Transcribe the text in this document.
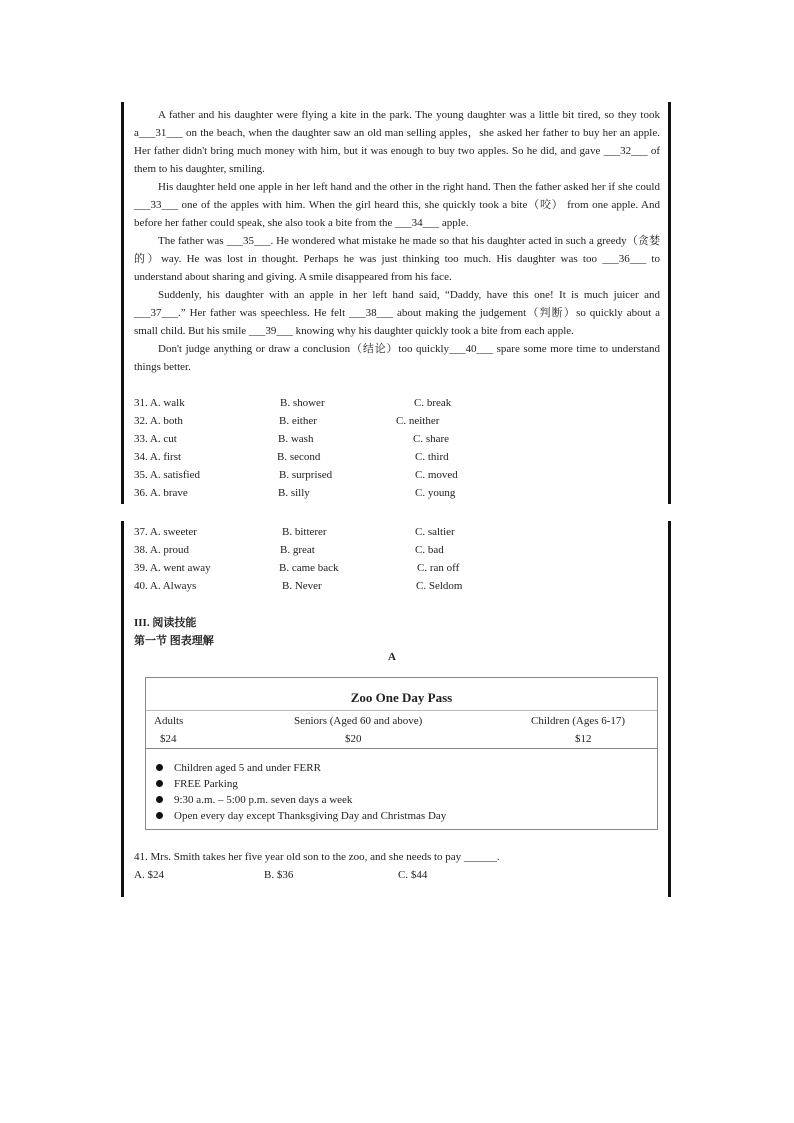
A father and his daughter were flying a kite in the park. The young daughter was a little bit tired, so they took a___31___ on the beach, when the daughter saw an old man selling apples，she asked her father to buy her an apple. Her father didn't bring much money with him, but it was enough to buy two apples. So he did, and gave ___32___ of them to his daughter, smiling.

His daughter held one apple in her left hand and the other in the right hand. Then the father asked her if she could ___33___ one of the apples with him. When the girl heard this, she quickly took a bite（咬） from one apple. And before her father could speak, she also took a bite from the ___34___ apple.

The father was ___35___. He wondered what mistake he made so that his daughter acted in such a greedy（贪婪的）way. He was lost in thought. Perhaps he was just thinking too much. His daughter was too ___36___ to understand about sharing and giving. A smile disappeared from his face.

Suddenly, his daughter with an apple in her left hand said, “Daddy, have this one! It is much juicer and ___37___.” Her father was speechless. He felt ___38___ about making the judgement（判断）so quickly about a small child. But his smile ___39___ knowing why his daughter quickly took a bite from each apple.

Don't judge anything or draw a conclusion（结论）too quickly___40___ spare some more time to understand things better.

31. A. walk	B. shower	C. break
32. A. both	B. either	C. neither
33. A. cut	B. wash	C. share
34. A. first	B. second	C. third
35. A. satisfied	B. surprised	C. moved
36. A. brave	B. silly	C. young
37. A. sweeter	B. bitterer	C. saltier
38. A. proud	B. great	C. bad
39. A. went away	B. came back	C. ran off
40. A. Always	B. Never	C. Seldom
III. 阅读技能
第一节 图表理解
A
Zoo One Day Pass
Adults	Seniors (Aged 60 and above)	Children (Ages 6-17)
$24	$20	$12
Children aged 5 and under FERR
FREE Parking
9:30 a.m. – 5:00 p.m. seven days a week
Open every day except Thanksgiving Day and Christmas Day
41. Mrs. Smith takes her five year old son to the zoo, and she needs to pay ______.
A. $24	B. $36	C. $44
